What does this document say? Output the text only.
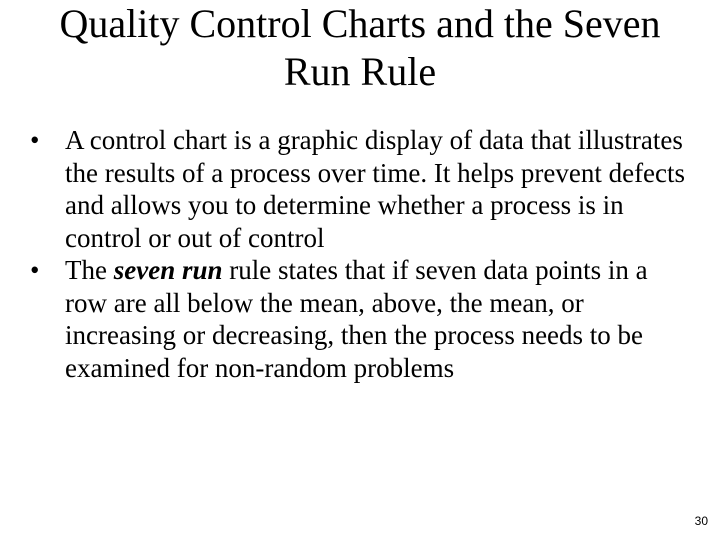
Quality Control Charts and the Seven
Run Rule
• A control chart is a graphic display of data that illustrates the results of a process over time. It helps prevent defects and allows you to determine whether a process is in control or out of control
• The seven run rule states that if seven data points in a row are all below the mean, above, the mean, or increasing or decreasing, then the process needs to be examined for non-random problems
30
